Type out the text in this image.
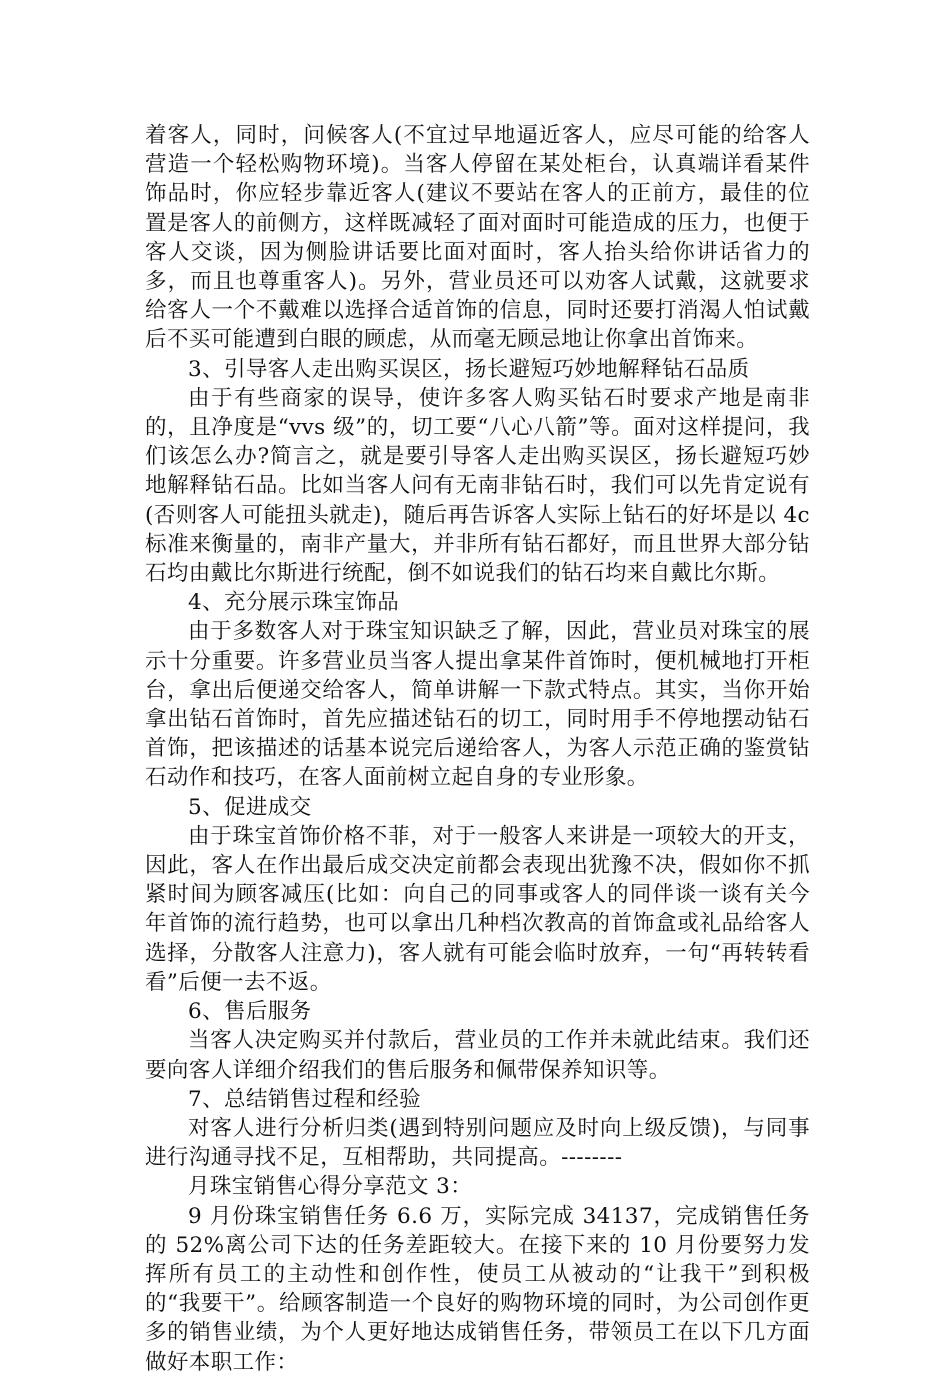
着客人，同时，问候客人(不宜过早地逼近客人，应尽可能的给客人营造一个轻松购物环境)。当客人停留在某处柜台，认真端详看某件饰品时，你应轻步靠近客人(建议不要站在客人的正前方，最佳的位置是客人的前侧方，这样既减轻了面对面时可能造成的压力，也便于客人交谈，因为侧脸讲话要比面对面时，客人抬头给你讲话省力的多，而且也尊重客人)。另外，营业员还可以劝客人试戴，这就要求给客人一个不戴难以选择合适首饰的信息，同时还要打消渴人怕试戴后不买可能遭到白眼的顾虑，从而毫无顾忌地让你拿出首饰来。

3、引导客人走出购买误区，扬长避短巧妙地解释钻石品质

由于有些商家的误导，使许多客人购买钻石时要求产地是南非的，且净度是“vvs 级”的，切工要“八心八箭”等。面对这样提问，我们该怎么办?简言之，就是要引导客人走出购买误区，扬长避短巧妙地解释钻石品。比如当客人问有无南非钻石时，我们可以先肯定说有(否则客人可能扭头就走)，随后再告诉客人实际上钻石的好坏是以 4c 标准来衡量的，南非产量大，并非所有钻石都好，而且世界大部分钻石均由戴比尔斯进行统配，倒不如说我们的钻石均来自戴比尔斯。

4、充分展示珠宝饰品

由于多数客人对于珠宝知识缺乏了解，因此，营业员对珠宝的展示十分重要。许多营业员当客人提出拿某件首饰时，便机械地打开柜台，拿出后便递交给客人，简单讲解一下款式特点。其实，当你开始拿出钻石首饰时，首先应描述钻石的切工，同时用手不停地摆动钻石首饰，把该描述的话基本说完后递给客人，为客人示范正确的鉴赏钻石动作和技巧，在客人面前树立起自身的专业形象。

5、促进成交

由于珠宝首饰价格不菲，对于一般客人来讲是一项较大的开支，因此，客人在作出最后成交决定前都会表现出犹豫不决，假如你不抓紧时间为顾客减压(比如：向自己的同事或客人的同伴谈一谈有关今年首饰的流行趋势，也可以拿出几种档次教高的首饰盒或礼品给客人选择，分散客人注意力)，客人就有可能会临时放弃，一句“再转转看看”后便一去不返。

6、售后服务

当客人决定购买并付款后，营业员的工作并未就此结束。我们还要向客人详细介绍我们的售后服务和佩带保养知识等。

7、总结销售过程和经验

对客人进行分析归类(遇到特别问题应及时向上级反馈)，与同事进行沟通寻找不足，互相帮助，共同提高。--------

月珠宝销售心得分享范文 3：

9 月份珠宝销售任务 6.6 万，实际完成 34137，完成销售任务的 52%离公司下达的任务差距较大。在接下来的 10 月份要努力发挥所有员工的主动性和创作性，使员工从被动的“让我干”到积极的“我要干”。给顾客制造一个良好的购物环境的同时，为公司创作更多的销售业绩，为个人更好地达成销售任务，带领员工在以下几方面做好本职工作：
